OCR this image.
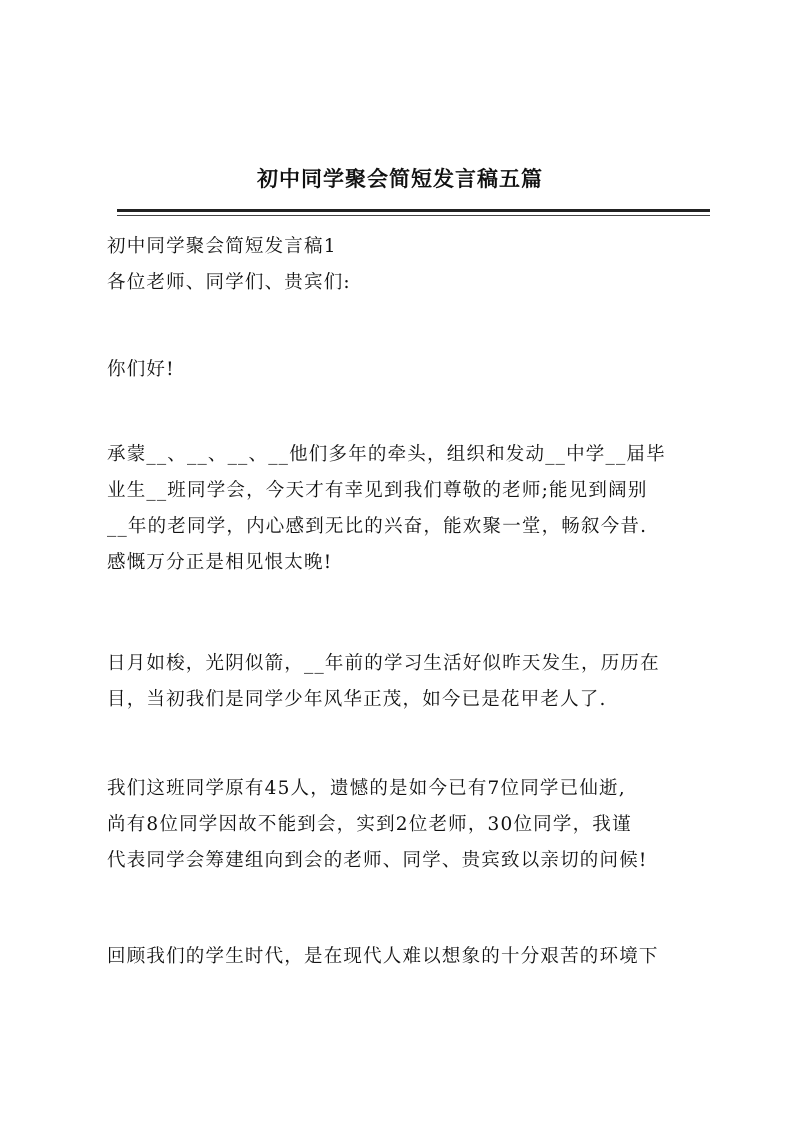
初中同学聚会简短发言稿五篇
初中同学聚会简短发言稿1
各位老师、同学们、贵宾们:
你们好!
承蒙__、__、__、__他们多年的牵头，组织和发动__中学__届毕
业生__班同学会，今天才有幸见到我们尊敬的老师;能见到阔别
__年的老同学，内心感到无比的兴奋，能欢聚一堂，畅叙今昔.
感慨万分正是相见恨太晚!
日月如梭，光阴似箭，__年前的学习生活好似昨天发生，历历在
目，当初我们是同学少年风华正茂，如今已是花甲老人了.
我们这班同学原有45人，遗憾的是如今已有7位同学已仙逝,
尚有8位同学因故不能到会，实到2位老师，30位同学，我谨
代表同学会筹建组向到会的老师、同学、贵宾致以亲切的问候!
回顾我们的学生时代，是在现代人难以想象的十分艰苦的环境下
